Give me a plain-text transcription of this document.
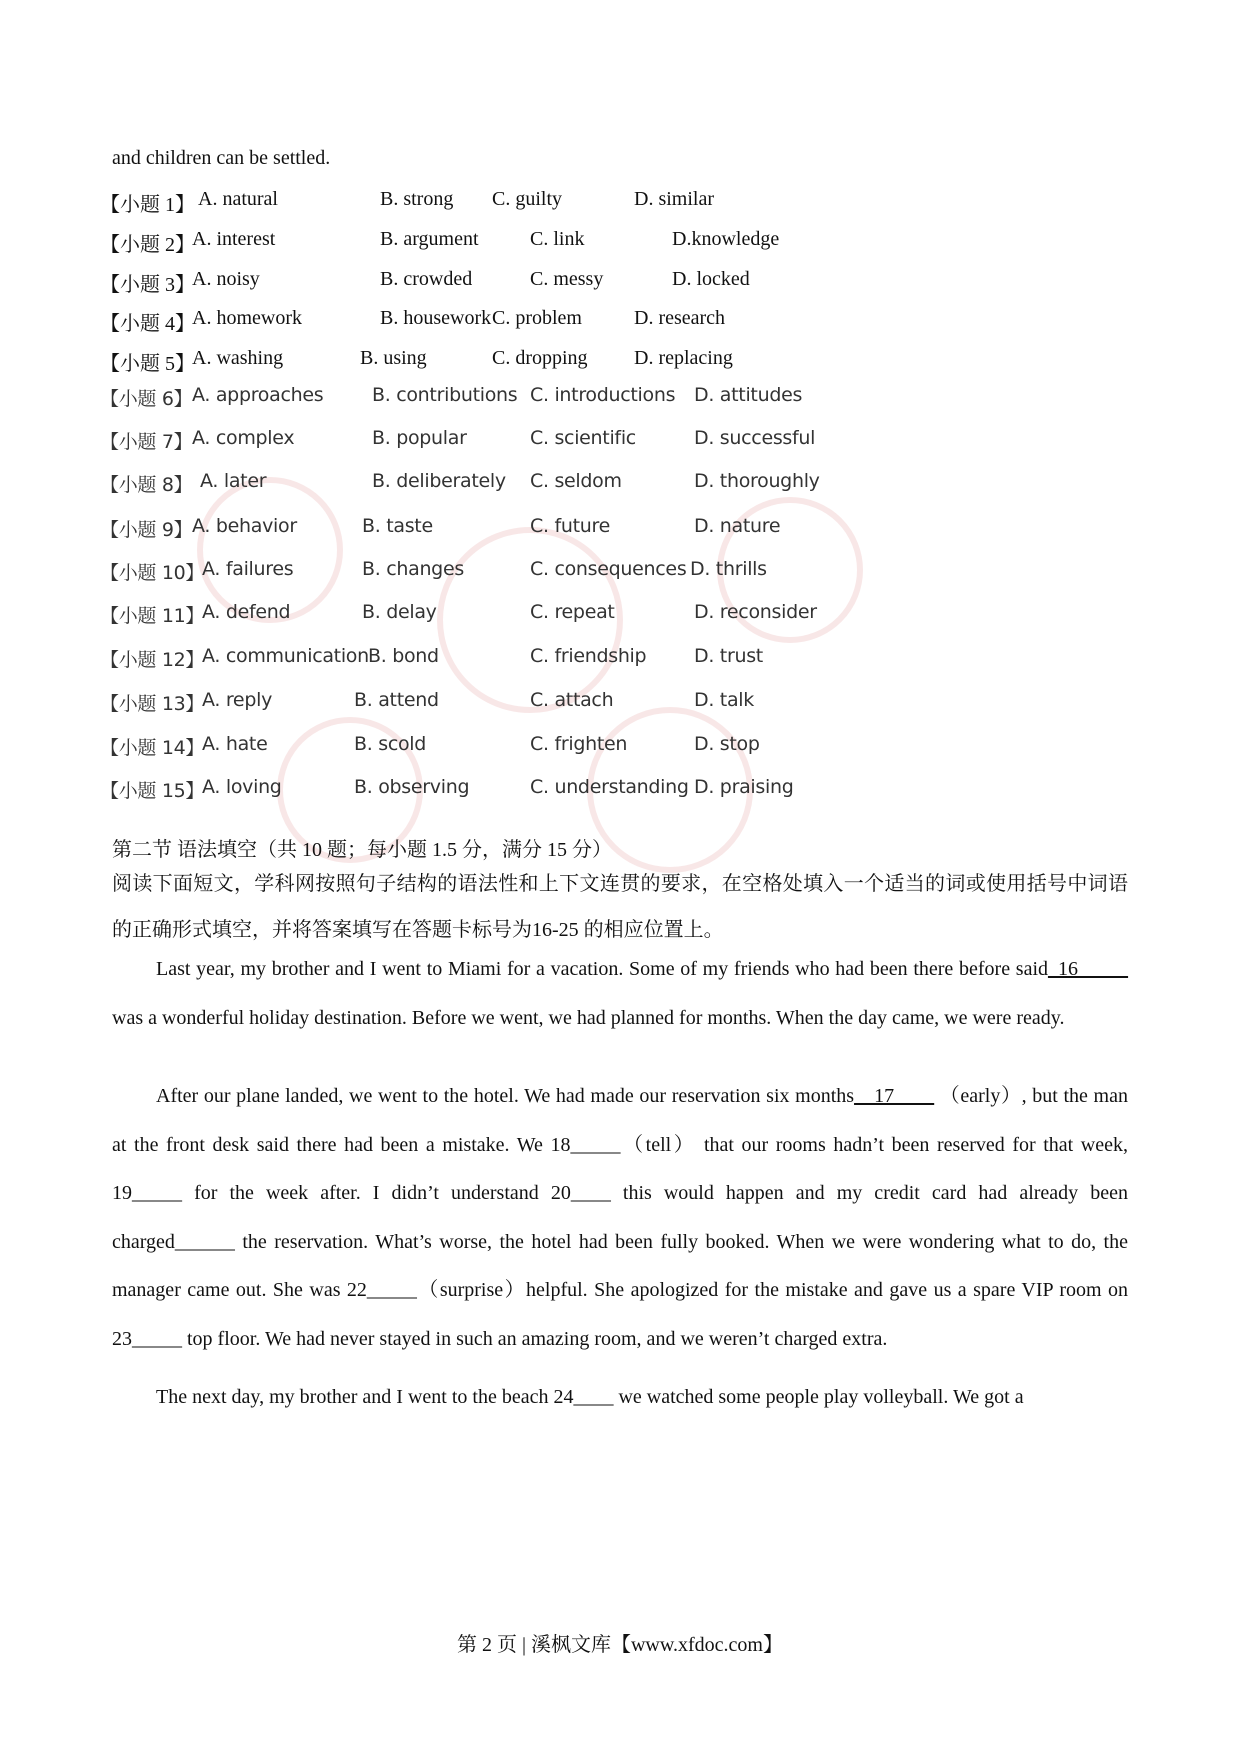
and children can be settled.
【小题 1】 A. natural	B. strong C. guilty	D. similar
【小题 2】
A. interest	B. argument	C. link	D.knowledge
【小题 3】
A. noisy	B. crowded	C. messy	D. locked
【小题 4】
A. homework	B. housework C. problem	D. research
【小题 5】
A. washing	B. using	C. dropping D. replacing
【小题 6】 A. approaches	B. contributions C. introductions D. attitudes
【小题 7】 A. complex	B. popular	C. scientific	D. successful
【小题 8】 A. later	B. deliberately C. seldom	D. thoroughly
【小题 9】 A. behavior	B. taste	C. future	D. nature
【小题 10】
A. failures	B. changes	C. consequences D. thrills
【小题 11】
A. defend	B. delay	C. repeat	D. reconsider
【小题 12】
A. communication B. bond	C. friendship	D. trust
【小题 13】
A. reply	B. attend	C. attach	D. talk
【小题 14】
A. hate	B. scold	C. frighten	D. stop
【小题 15】
A. loving	B. observing	C. understanding D. praising
第二节 语法填空（共 10 题；每小题 1.5 分，满分 15 分）
阅读下面短文，学科网按照句子结构的语法性和上下文连贯的要求，在空格处填入一个适当的词或使用括号中词语的正确形式填空，并将答案填写在答题卡标号为16-25 的相应位置上。
Last year, my brother and I went to Miami for a vacation. Some of my friends who had been there before said_16_____ was a wonderful holiday destination. Before we went, we had planned for months. When the day came, we were ready.
After our plane landed, we went to the hotel. We had made our reservation six months__17____ （early）, but the man at the front desk said there had been a mistake. We 18_____（tell） that our rooms hadn’t been reserved for that week, 19_____ for the week after. I didn’t understand 20____ this would happen and my credit card had already been charged______ the reservation. What’s worse, the hotel had been fully booked. When we were wondering what to do, the manager came out. She was 22_____（surprise）helpful. She apologized for the mistake and gave us a spare VIP room on 23_____ top floor. We had never stayed in such an amazing room, and we weren’t charged extra.
The next day, my brother and I went to the beach 24____ we watched some people play volleyball. We got a
第 2 页 | 溪枫文库【www.xfdoc.com】
